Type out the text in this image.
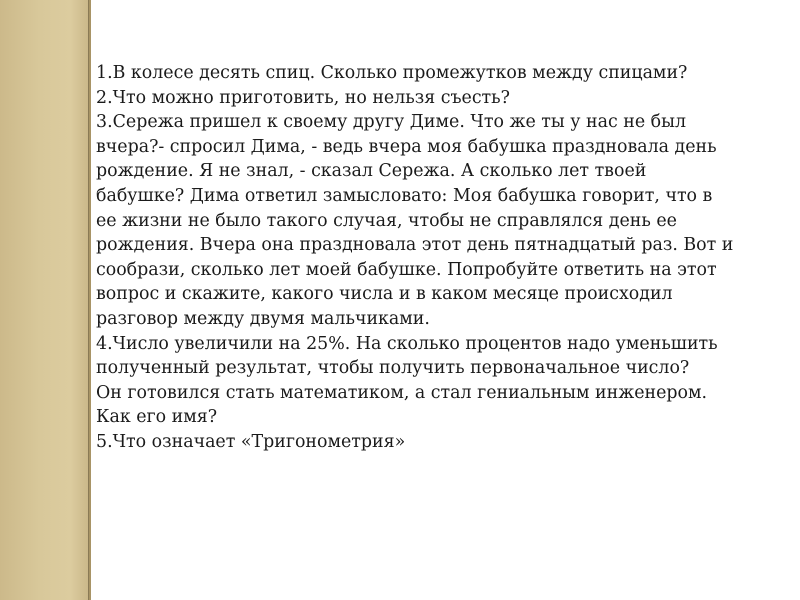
1.В колесе десять спиц. Сколько промежутков между спицами?

2.Что можно приготовить, но нельзя съесть?

3.Сережа пришел к своему другу Диме. Что же ты у нас не был

вчера?- спросил Дима, - ведь вчера моя бабушка праздновала день

рождение. Я не знал, - сказал Сережа. А сколько лет твоей

бабушке? Дима ответил замысловато: Моя бабушка говорит, что в

ее жизни не было такого случая, чтобы не справлялся день ее

рождения. Вчера она праздновала этот день пятнадцатый раз. Вот и

сообрази, сколько лет моей бабушке. Попробуйте ответить на этот

вопрос и скажите, какого числа и в каком месяце происходил

разговор между двумя мальчиками.

4.Число увеличили на 25%. На сколько процентов надо уменьшить

полученный результат, чтобы получить первоначальное число?

Он готовился стать математиком, а стал гениальным инженером.

Как его имя?

5.Что означает «Тригонометрия»
